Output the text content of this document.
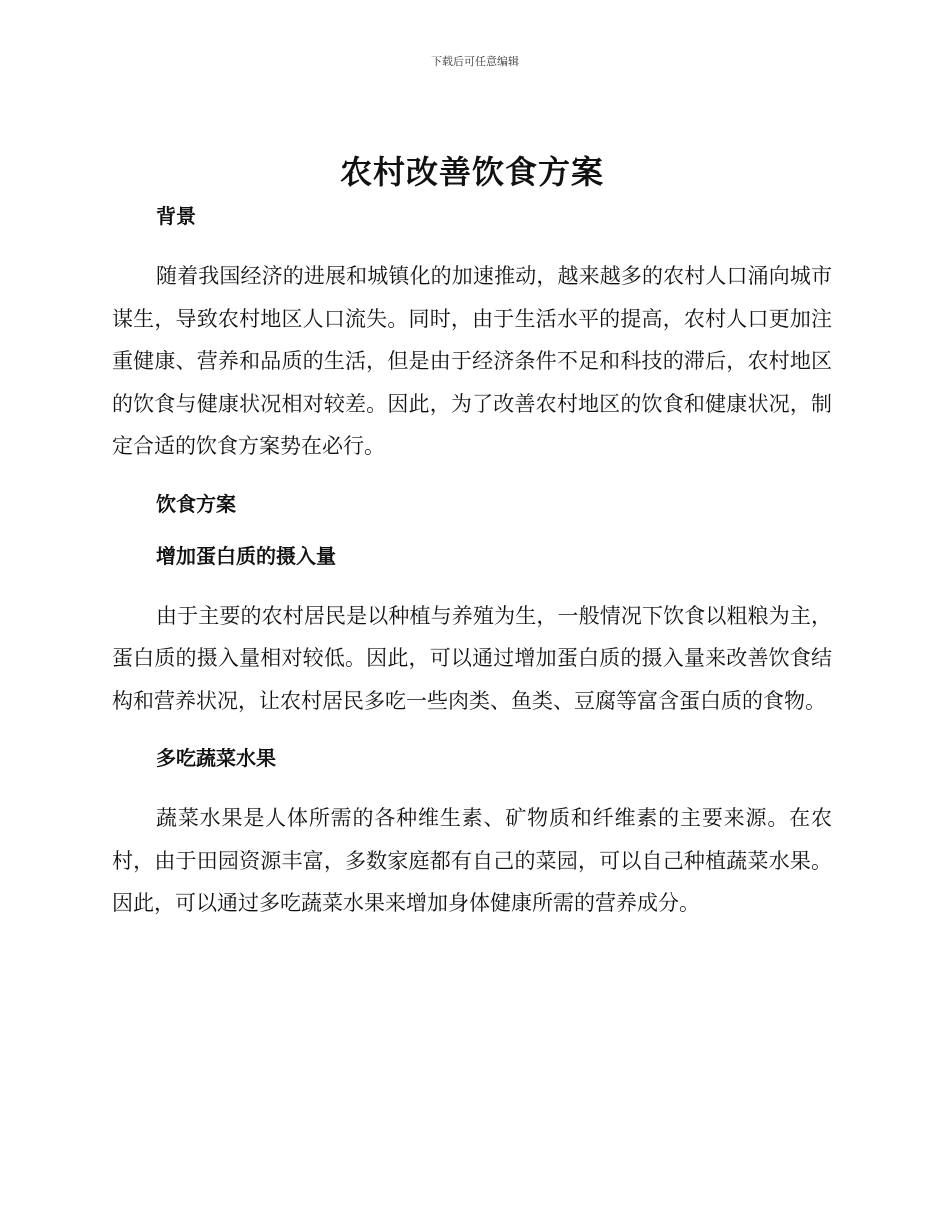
下载后可任意编辑
农村改善饮食方案
背景

随着我国经济的进展和城镇化的加速推动，越来越多的农村人口涌向城市谋生，导致农村地区人口流失。同时，由于生活水平的提高，农村人口更加注重健康、营养和品质的生活，但是由于经济条件不足和科技的滞后，农村地区的饮食与健康状况相对较差。因此，为了改善农村地区的饮食和健康状况，制定合适的饮食方案势在必行。

饮食方案
增加蛋白质的摄入量

由于主要的农村居民是以种植与养殖为生，一般情况下饮食以粗粮为主，蛋白质的摄入量相对较低。因此，可以通过增加蛋白质的摄入量来改善饮食结构和营养状况，让农村居民多吃一些肉类、鱼类、豆腐等富含蛋白质的食物。

多吃蔬菜水果

蔬菜水果是人体所需的各种维生素、矿物质和纤维素的主要来源。在农村，由于田园资源丰富，多数家庭都有自己的菜园，可以自己种植蔬菜水果。因此，可以通过多吃蔬菜水果来增加身体健康所需的营养成分。
